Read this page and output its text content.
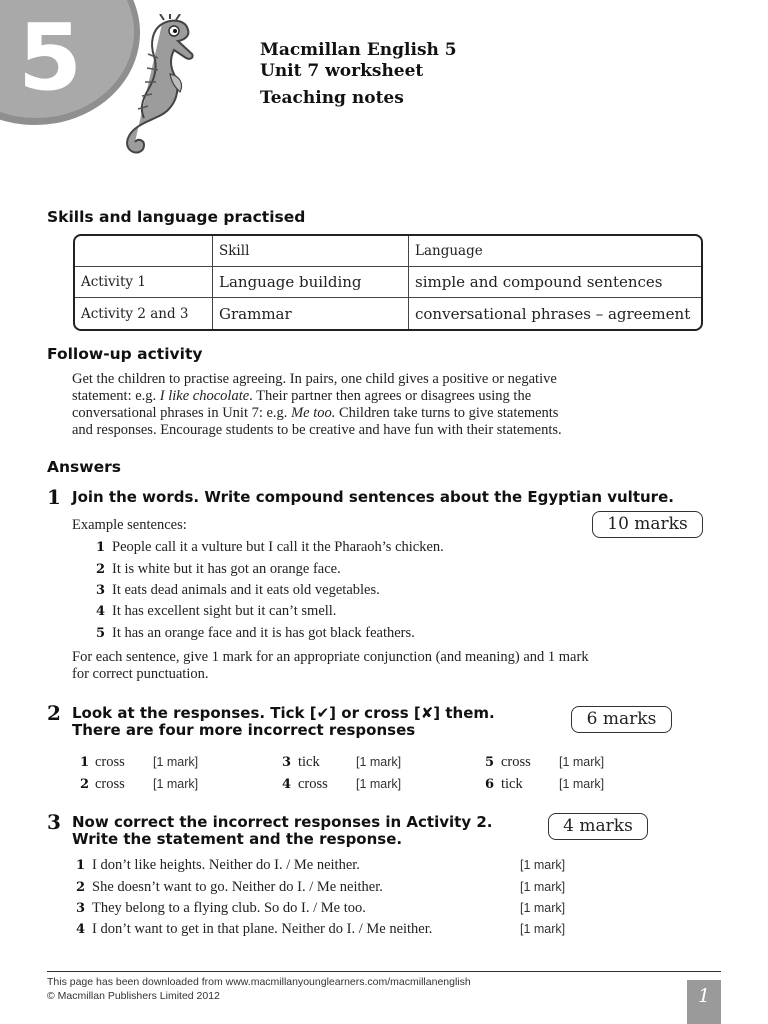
5	Macmillan English 5
Unit 7 worksheet
Teaching notes
Skills and language practised
	Skill	Language
Activity 1	Language building	simple and compound sentences
Activity 2 and 3	Grammar	conversational phrases – agreement
Follow-up activity
Get the children to practise agreeing. In pairs, one child gives a positive or negative
statement: e.g. I like chocolate. Their partner then agrees or disagrees using the
conversational phrases in Unit 7: e.g. Me too. Children take turns to give statements
and responses. Encourage students to be creative and have fun with their statements.
Answers
1 Join the words. Write compound sentences about the Egyptian vulture.
Example sentences:	10 marks
1 People call it a vulture but I call it the Pharaoh’s chicken.
2 It is white but it has got an orange face.
3 It eats dead animals and it eats old vegetables.
4 It has excellent sight but it can’t smell.
5 It has an orange face and it is has got black feathers.
For each sentence, give 1 mark for an appropriate conjunction (and meaning) and 1 mark
for correct punctuation.
2 Look at the responses. Tick [✔] or cross [✘] them.
There are four more incorrect responses
6 marks
1 cross [1 mark]
2 cross [1 mark]
3 tick	[1 mark]
4 cross [1 mark]
5 cross [1 mark]
6 tick	[1 mark]
3 Now correct the incorrect responses in Activity 2.
Write the statement and the response.
4 marks
1 I don’t like heights. Neither do I. / Me neither.	[1 mark]
2 She doesn’t want to go. Neither do I. / Me neither.	[1 mark]
3 They belong to a flying club. So do I. / Me too.	[1 mark]
4 I don’t want to get in that plane. Neither do I. / Me neither.	[1 mark]
This page has been downloaded from www.macmillanyounglearners.com/macmillanenglish
© Macmillan Publishers Limited 2012	1
